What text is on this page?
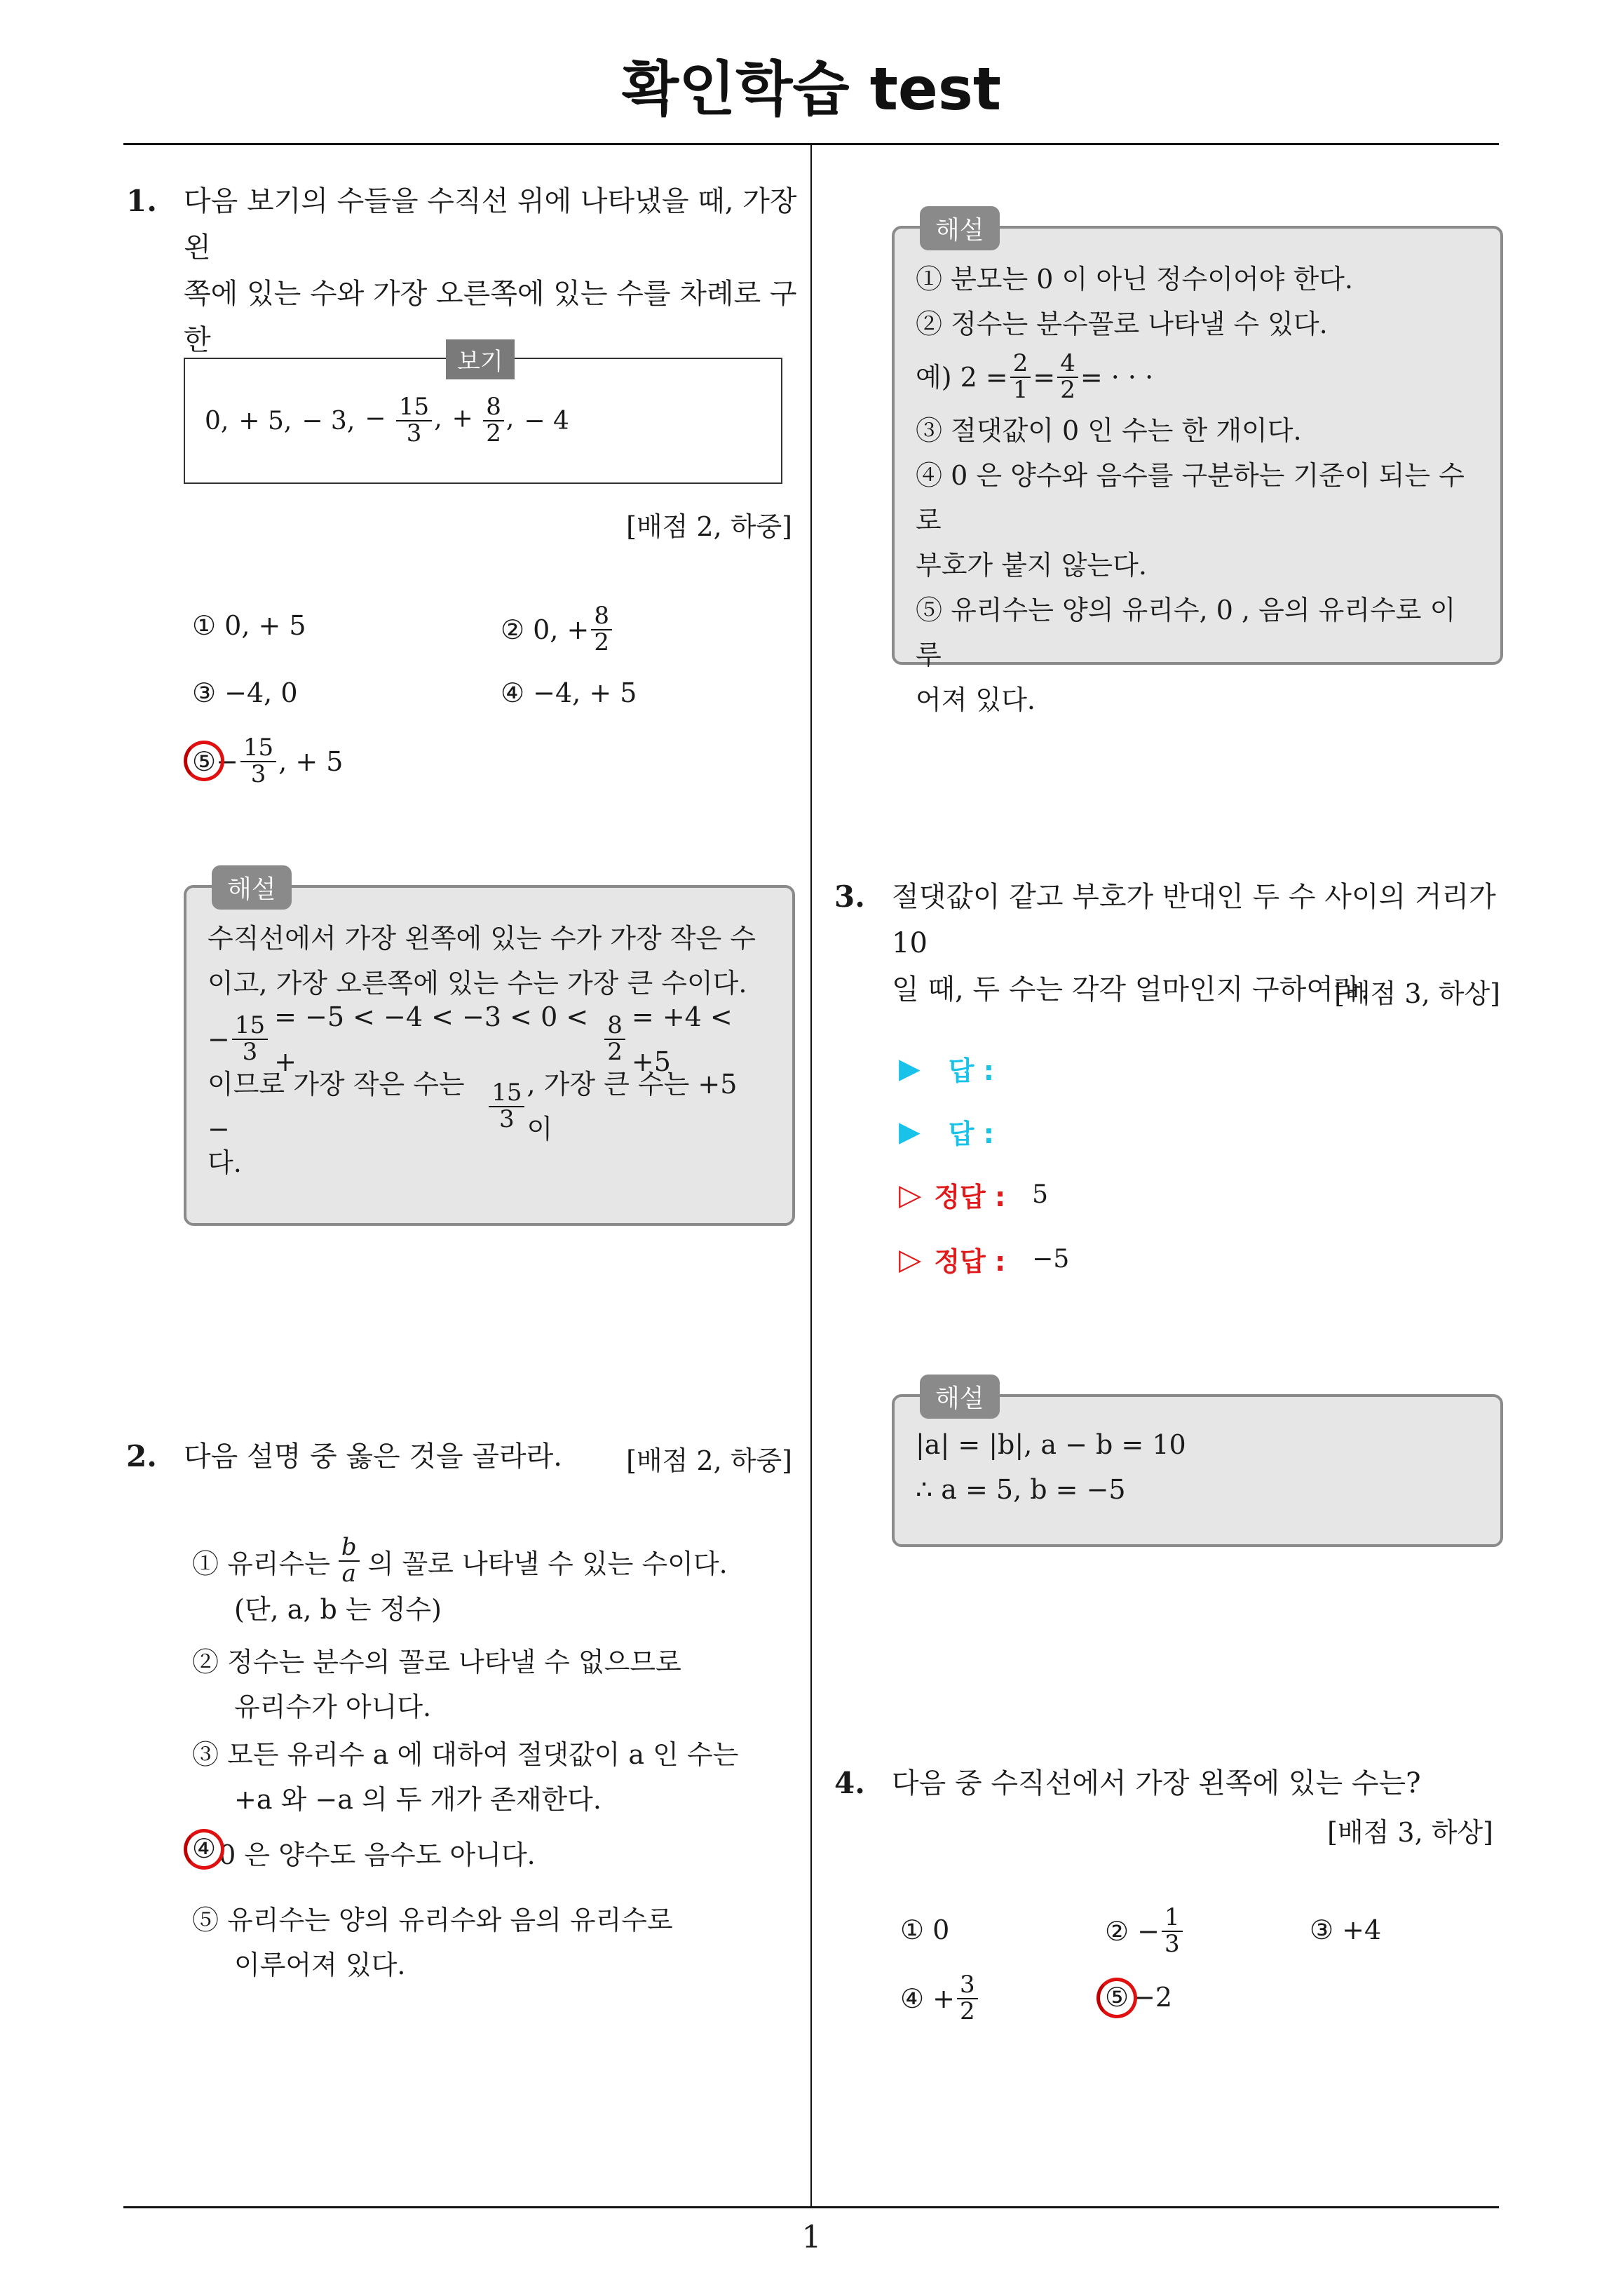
확인학습 test
1
1. 다음 보기의 수들을 수직선 위에 나타냈을 때, 가장 왼
쪽에 있는 수와 가장 오른쪽에 있는 수를 차례로 구한
보기
0, + 5, − 3, − $\frac{15}{3}$ , + $\frac{8}{2}$ , − 4
[배점 2, 하중]
① 0, + 5	② 0, + $\frac{8}{2}$
③ −4, 0	④ −4, + 5
⑤ − $\frac{15}{3}$ , + 5
수직선에서 가장 왼쪽에 있는 수가 가장 작은 수
이고, 가장 오른쪽에 있는 수는 가장 큰 수이다.
− $\frac{15}{3} = -5 < -4 < -3 < 0$ < +	$\frac{8}{2} = +4 < +5$
이므로 가장 작은 수는−	$\frac{15}{3}$ , 가장 큰 수는 +5 이
다.
해설
2. 다음 설명 중 옳은 것을 골라라.	[배점 2, 하중]
① 유리수는 $\frac{b}{a}$ 의 꼴로 나타낼 수 있는 수이다.
(단, a, b 는 정수)
② 정수는 분수의 꼴로 나타낼 수 없으므로
유리수가 아니다.
③ 모든 유리수 a 에 대하여 절댓값이 a 인 수는
+a 와 −a 의 두 개가 존재한다.
④ 0 은 양수도 음수도 아니다.
⑤ 유리수는 양의 유리수와 음의 유리수로
이루어져 있다.
① 분모는 0 이 아닌 정수이어야 한다.
② 정수는 분수꼴로 나타낼 수 있다.
예) $2 = \frac{2}{1} = \frac{4}{2}$ = · · ·
③ 절댓값이 0 인 수는 한 개이다.
④ 0 은 양수와 음수를 구분하는 기준이 되는 수로
부호가 붙지 않는다.
⑤ 유리수는 양의 유리수, 0 , 음의 유리수로 이루
어져 있다.
해설
3. 절댓값이 같고 부호가 반대인 두 수 사이의 거리가 10
일 때, 두 수는 각각 얼마인지 구하여라.
[배점 3, 하상]
▶ 답 :
▶ 답 :
▷ 정답 : 5
▷ 정답 : −5
|a| = |b|, a − b = 10
∴ a = 5, b = −5
해설
4. 다음 중 수직선에서 가장 왼쪽에 있는 수는?
[배점 3, 하상]
① 0	② − $\frac{1}{3}$	③ +4
④ + $\frac{3}{2}$	⑤ −2
